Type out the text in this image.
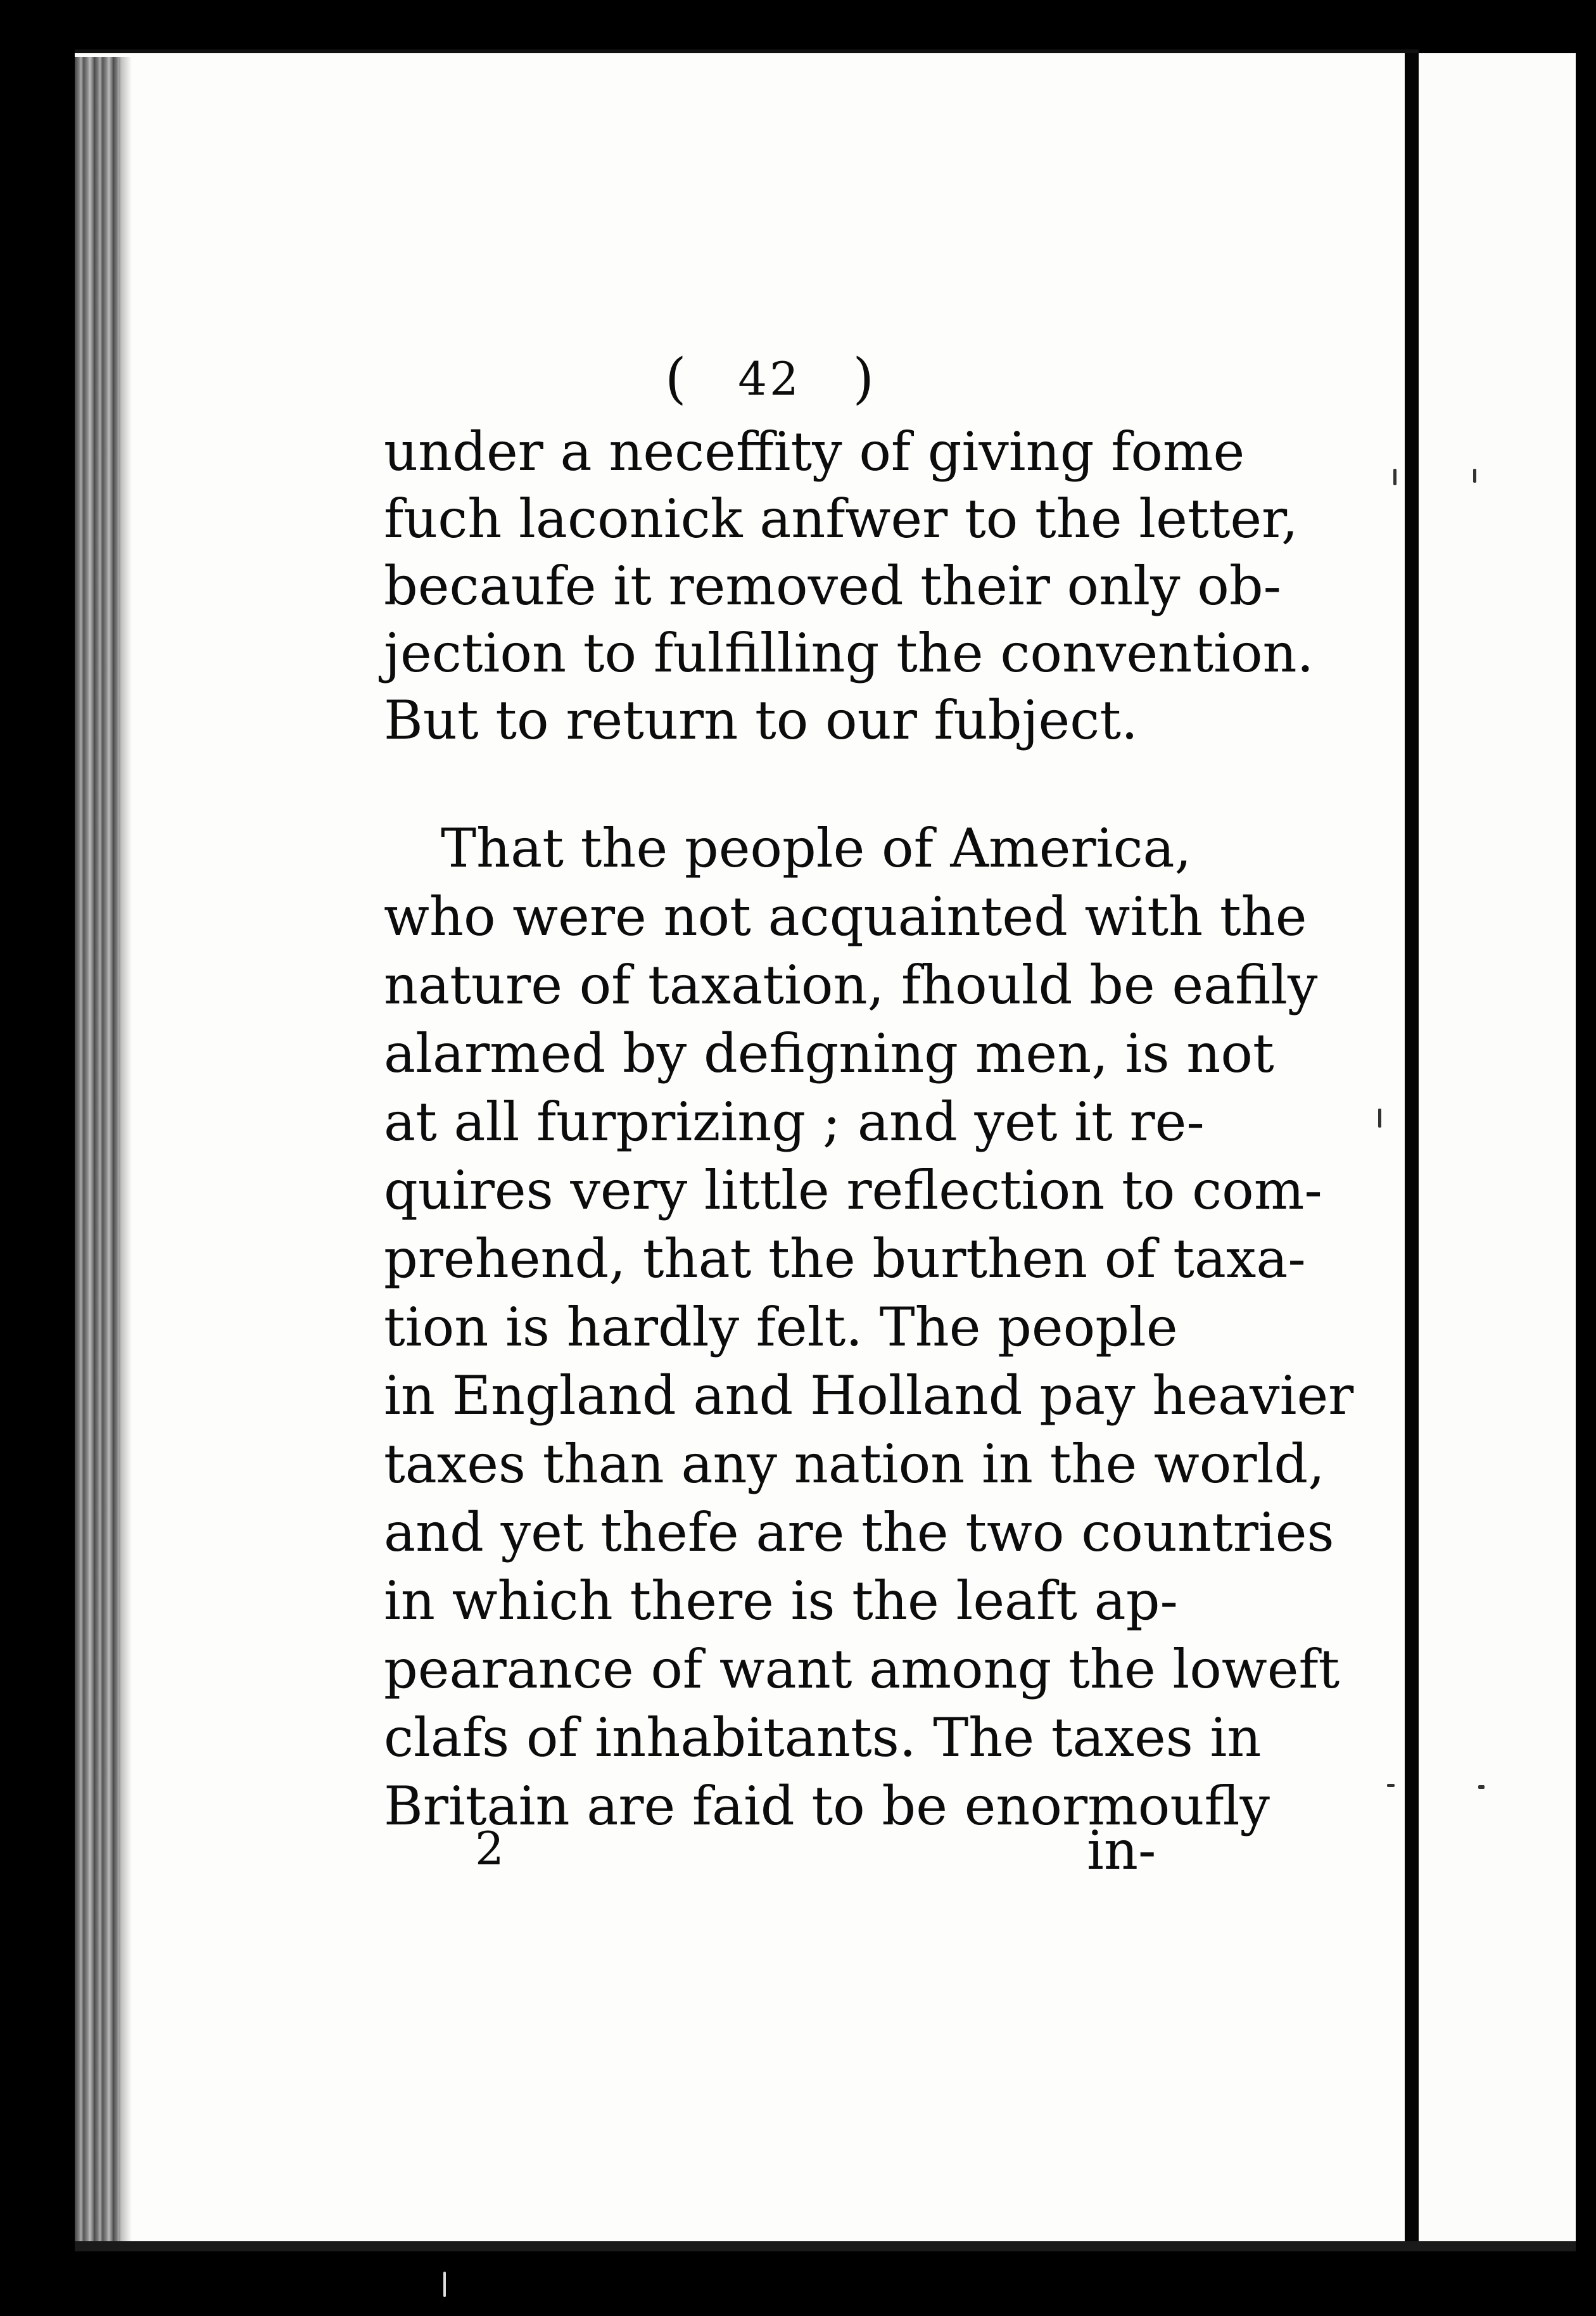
( 42 )
under a neceffity of giving fome
fuch laconick anfwer to the letter,
becaufe it removed their only ob-
jection to fulfilling the convention.
But to return to our fubject.
That the people of America,
who were not acquainted with the
nature of taxation, fhould be eafily
alarmed by defigning men, is not
at all furprizing ; and yet it re-
quires very little reflection to com-
prehend, that the burthen of taxa-
tion is hardly felt. The people
in England and Holland pay heavier
taxes than any nation in the world,
and yet thefe are the two countries
in which there is the leaft ap-
pearance of want among the loweft
clafs of inhabitants. The taxes in
Britain are faid to be enormoufly
2	in-
